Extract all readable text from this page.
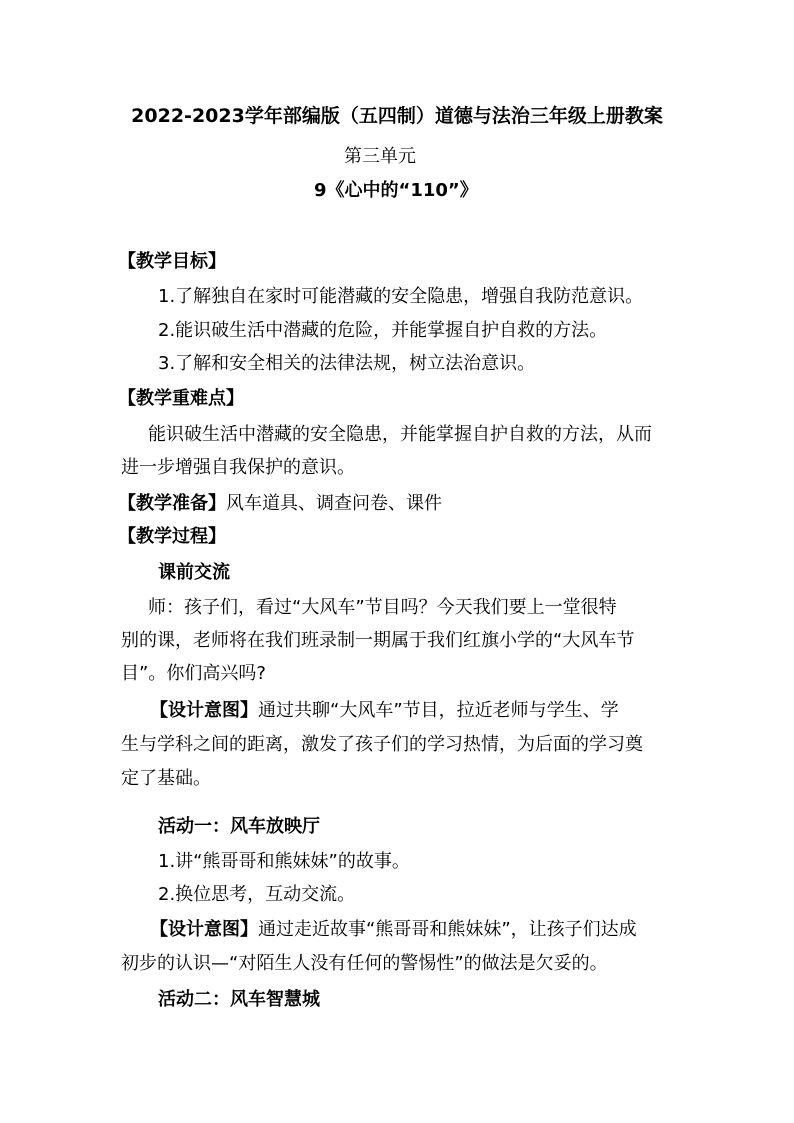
2022-2023学年部编版（五四制）道德与法治三年级上册教案
第三单元
9《心中的“110”》
【教学目标】
1.了解独自在家时可能潜藏的安全隐患，增强自我防范意识。
2.能识破生活中潜藏的危险，并能掌握自护自救的方法。
3.了解和安全相关的法律法规，树立法治意识。
【教学重难点】
能识破生活中潜藏的安全隐患，并能掌握自护自救的方法，从而
进一步增强自我保护的意识。
【教学准备】风车道具、调查问卷、课件
【教学过程】
课前交流
师：孩子们，看过“大风车”节目吗？今天我们要上一堂很特
别的课，老师将在我们班录制一期属于我们红旗小学的“大风车节
目”。你们高兴吗?
【设计意图】通过共聊“大风车”节目，拉近老师与学生、学
生与学科之间的距离，激发了孩子们的学习热情，为后面的学习奠
定了基础。
活动一：风车放映厅
1.讲“熊哥哥和熊妹妹”的故事。
2.换位思考，互动交流。
【设计意图】通过走近故事“熊哥哥和熊妹妹”，让孩子们达成
初步的认识—“对陌生人没有任何的警惕性”的做法是欠妥的。
活动二：风车智慧城
